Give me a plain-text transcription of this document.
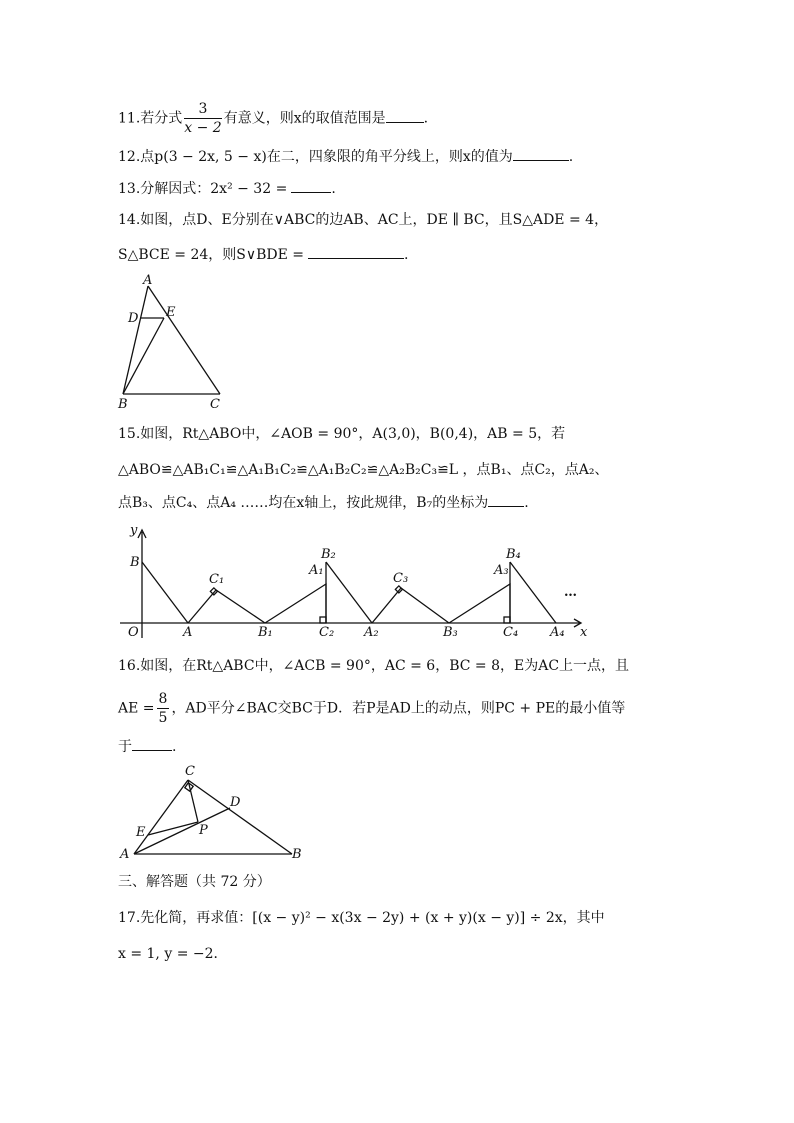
11.若分式 $\frac{3}{x - 2}$ 有意义，则x的取值范围是	.
12.点p(3 − 2x, 5 − x)在二，四象限的角平分线上，则x的值为	.
13.分解因式：2x² − 32 =	.
14.如图，点D、E分别在∨ABC的边AB、AC上，DE ∥ BC，且S△ADE = 4，
S△BCE = 24，则S∨BDE =	.
A
D E
B	C
15.如图，Rt△ABO中，∠AOB = 90°，A(3,0)，B(0,4)，AB = 5，若
△ABO≌△AB₁C₁≌△A₁B₁C₂≌△A₁B₂C₂≌△A₂B₂C₃≌L ，点B₁、点C₂，点A₂、
点B₃、点C₄、点A₄ ……均在x轴上，按此规律，B₇的坐标为	.
y
B
O	A
C₁
B₁
B₂
A₁
C₂ A₂
C₃
B₃
B₄
A₃
C₄ A₄ x
…
16.如图，在Rt△ABC中，∠ACB = 90°，AC = 6，BC = 8，E为AC上一点，且
AE = $\frac{8}{5}$ ，AD平分∠BAC交BC于D．若P是AD上的动点，则PC + PE的最小值等
于	.
C
D
E	P
A	B
三、解答题（共 72 分）
17.先化简，再求值：[(x − y)² − x(3x − 2y) + (x + y)(x − y)] ÷ 2x，其中
x = 1, y = −2．
